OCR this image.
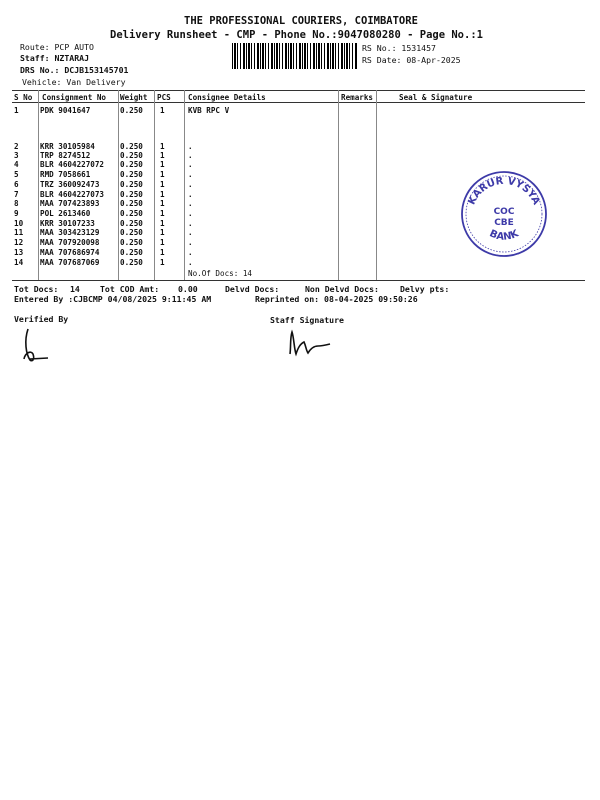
THE PROFESSIONAL COURIERS, COIMBATORE
Delivery Runsheet - CMP - Phone No.:9047080280 - Page No.:1
Route: PCP AUTO
Staff: NZTARAJ
DRS No.: DCJB153145701
Vehicle: Van Delivery
RS No.: 1531457
RS Date: 08-Apr-2025
S No Consignment No Weight PCS Consignee Details	Remarks	Seal & Signature
1	PDK 9041647	0.250 1	KVB RPC V
2	KRR 30105984	0.250 1	.
3	TRP 8274512	0.250 1	.
4	BLR 4604227072 0.250 1	.
5	RMD 7058661	0.250 1	.
6	TRZ 360092473	0.250 1	.
7	BLR 4604227073 0.250 1	.
8	MAA 707423893	0.250 1	.
9	POL 2613460	0.250 1	.
10 KRR 30107233	0.250 1	.
11 MAA 303423129	0.250 1	.
12 MAA 707920098	0.250 1	.
13 MAA 707686974	0.250 1	.
14 MAA 707687069	0.250 1	.
No.Of Docs: 14
Tot Docs: 14 Tot COD Amt: 0.00	Delvd Docs:	Non Delvd Docs:	Delvy pts:
Entered By :CJBCMP 04/08/2025 9:11:45 AM	Reprinted on: 08-04-2025 09:50:26
Verified By	Staff Signature
KARUR VYSYA
BANK
COC
CBE
